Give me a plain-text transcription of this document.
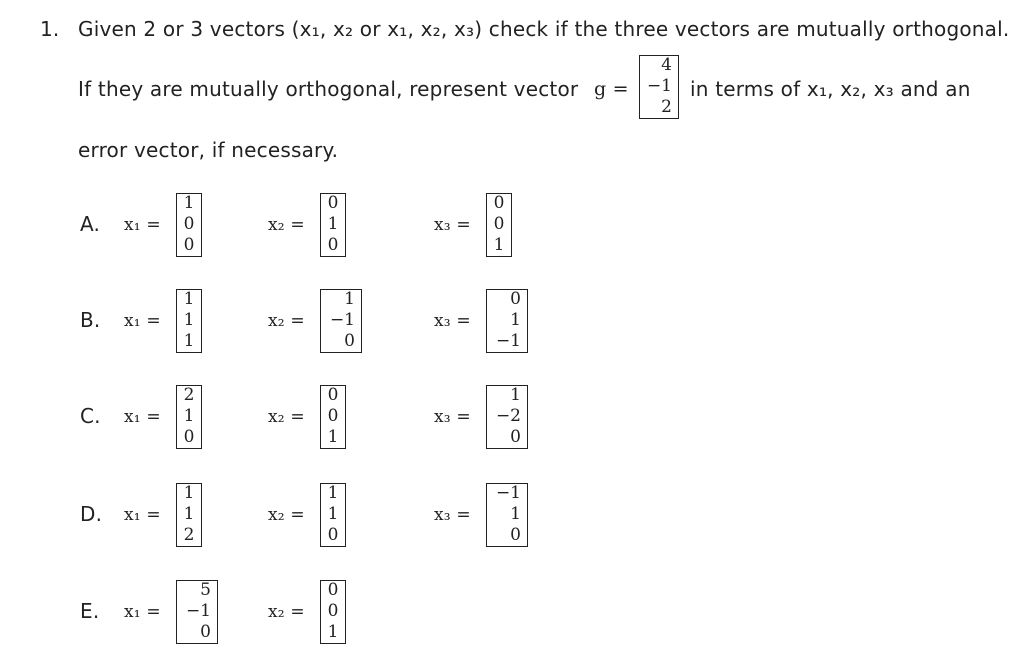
1. Given 2 or 3 vectors (x₁, x₂ or x₁, x₂, x₃) check if the three vectors are mutually orthogonal.
If they are mutually orthogonal, represent vector g =
4
−1
2
in terms of x₁, x₂, x₃ and an
error vector, if necessary.
A. x₁ =
1
0
0
x₂ =
0
1
0
x₃ =
0
0
1
B. x₁ =
1
1
1
x₂ =
1
−1
0
x₃ =
0
1
−1
C. x₁ =
2
1
0
x₂ =
0
0
1
x₃ =
1
−2
0
D. x₁ =
1
1
2
x₂ =
1
1
0
x₃ =
−1
1
0
E. x₁ =
5
−1
0
x₂ =
0
0
1
